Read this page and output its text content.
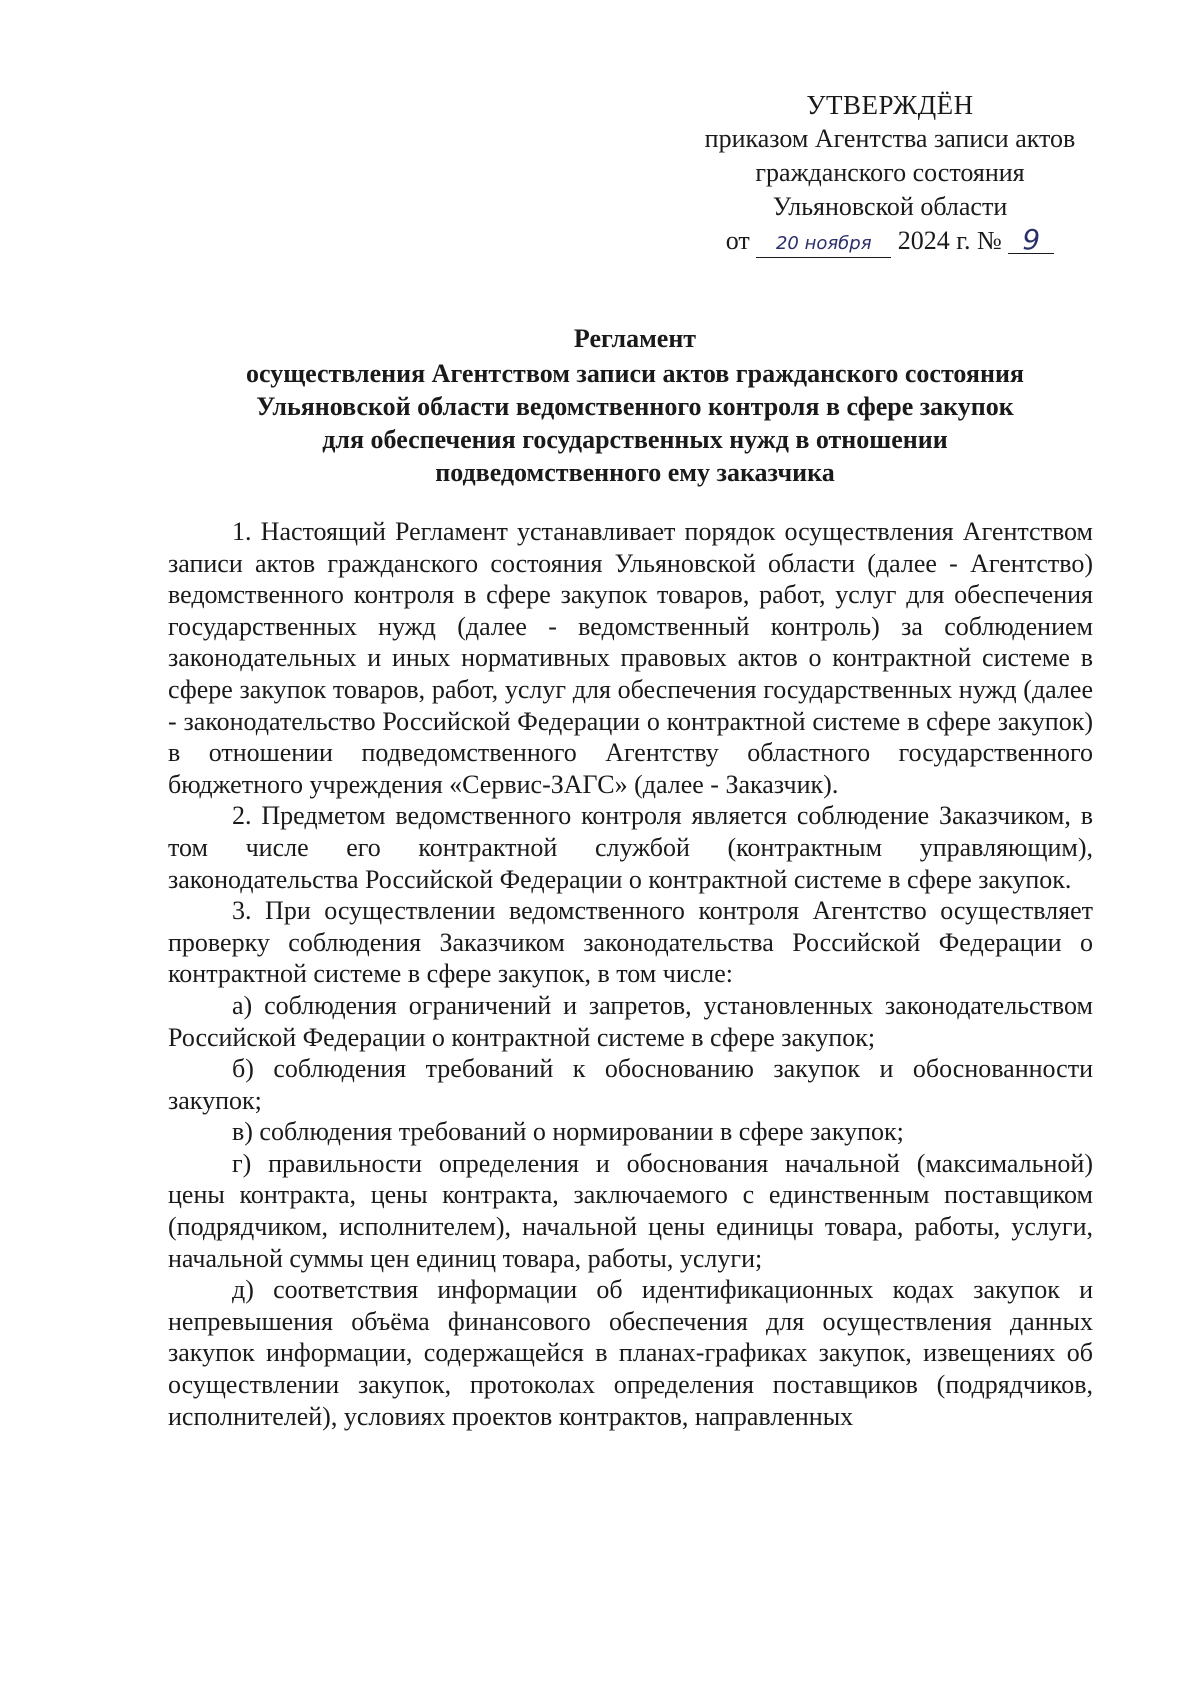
УТВЕРЖДЁН
приказом Агентства записи актов
гражданского состояния
Ульяновской области
от 20 ноября 2024 г. № 9
Регламент
осуществления Агентством записи актов гражданского состояния
Ульяновской области ведомственного контроля в сфере закупок
для обеспечения государственных нужд в отношении
подведомственного ему заказчика

1. Настоящий Регламент устанавливает порядок осуществления Агентством записи актов гражданского состояния Ульяновской области (далее - Агентство) ведомственного контроля в сфере закупок товаров, работ, услуг для обеспечения государственных нужд (далее - ведомственный контроль) за соблюдением законодательных и иных нормативных правовых актов о контрактной системе в сфере закупок товаров, работ, услуг для обеспечения государственных нужд (далее - законодательство Российской Федерации о контрактной системе в сфере закупок) в отношении подведомственного Агентству областного государственного бюджетного учреждения «Сервис-ЗАГС» (далее - Заказчик).

2. Предметом ведомственного контроля является соблюдение Заказчиком, в том числе его контрактной службой (контрактным управляющим), законодательства Российской Федерации о контрактной системе в сфере закупок.

3. При осуществлении ведомственного контроля Агентство осуществляет проверку соблюдения Заказчиком законодательства Российской Федерации о контрактной системе в сфере закупок, в том числе:

а) соблюдения ограничений и запретов, установленных законодательством Российской Федерации о контрактной системе в сфере закупок;

б) соблюдения требований к обоснованию закупок и обоснованности закупок;

в) соблюдения требований о нормировании в сфере закупок;

г) правильности определения и обоснования начальной (максимальной) цены контракта, цены контракта, заключаемого с единственным поставщиком (подрядчиком, исполнителем), начальной цены единицы товара, работы, услуги, начальной суммы цен единиц товара, работы, услуги;

д) соответствия информации об идентификационных кодах закупок и непревышения объёма финансового обеспечения для осуществления данных закупок информации, содержащейся в планах-графиках закупок, извещениях об осуществлении закупок, протоколах определения поставщиков (подрядчиков, исполнителей), условиях проектов контрактов, направленных
